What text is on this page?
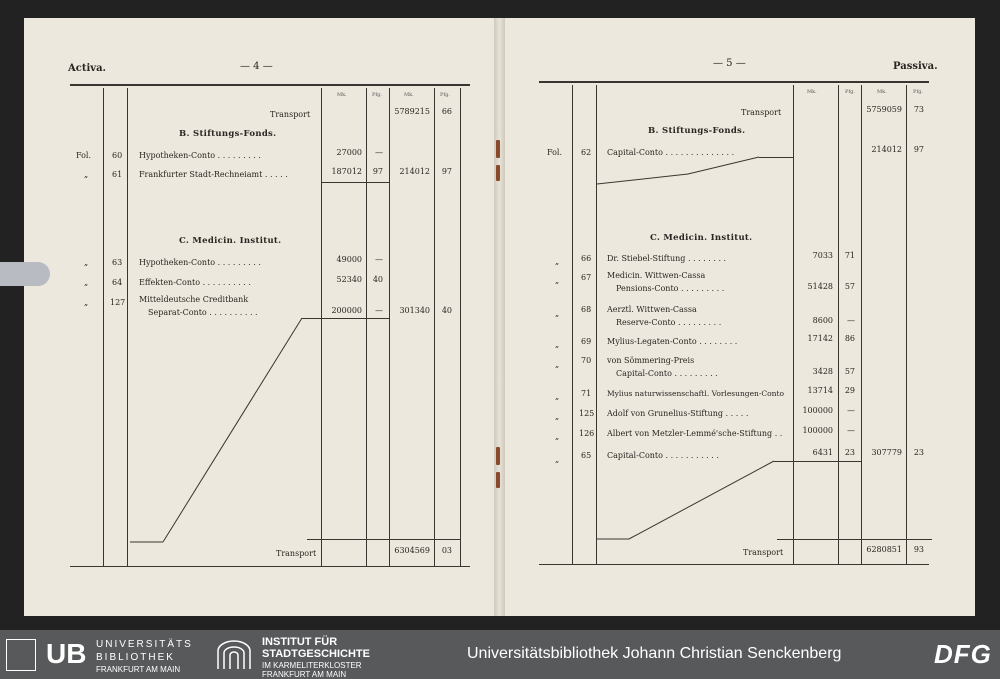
Activa.	— 4 —
Mk.	Pfg.	Mk.	Pfg.
Transport	5789215	66
B. Stiftungs-Fonds.
Fol.	60 Hypotheken-Conto . . . . . . . . .	27000	—
„	61 Frankfurter Stadt-Rechneiamt . . . . .	187012	97	214012	97
C. Medicin. Institut.
„	63 Hypotheken-Conto . . . . . . . . .	49000	—
„	64 Effekten-Conto . . . . . . . . . .	52340	40
„	127 Mitteldeutsche Creditbank
Separat-Conto . . . . . . . . . .	200000	—	301340	40
Transport	6304569	03
— 5 —	Passiva.
Mk.	Pfg.	Mk.	Pfg.
Transport	5759059	73
B. Stiftungs-Fonds.
Fol. 62 Capital-Conto . . . . . . . . . . . . . .	214012	97
C. Medicin. Institut.
„	66 Dr. Stiebel-Stiftung . . . . . . . .	7033	71
„	67 Medicin. Wittwen-Cassa
Pensions-Conto . . . . . . . . .	51428	57
„	68 Aerztl. Wittwen-Cassa
Reserve-Conto . . . . . . . . .	8600	—
„	69 Mylius-Legaten-Conto . . . . . . . .	17142	86
„	70 von Sömmering-Preis
Capital-Conto . . . . . . . . .	3428	57
„	71 Mylius naturwissenschaftl. Vorlesungen-Conto	13714	29
„ 125 Adolf von Grunelius-Stiftung . . . . .	100000	—
„ 126 Albert von Metzler-Lemmé'sche-Stiftung . .	100000	—
„	65 Capital-Conto . . . . . . . . . . .	6431	23	307779	23
Transport	6280851	93
UB UNIVERSITÄTS
BIBLIOTHEK
FRANKFURT AM MAIN
INSTITUT FÜR
STADTGESCHICHTE
IM KARMELITERKLOSTER
FRANKFURT AM MAIN
Universitätsbibliothek Johann Christian Senckenberg	DFG
